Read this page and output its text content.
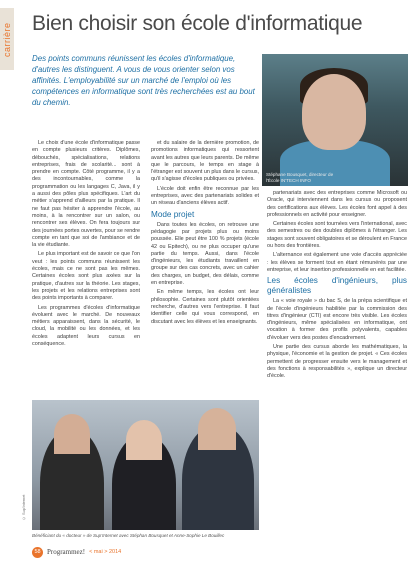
carrière Bien choisir son école d'informatique
Des points communs réunissent les écoles d'informatique, d'autres les distinguent. A vous de vous orienter selon vos affinités. L'employabilité sur un marché de l'emploi où les compétences en informatique sont très recherchées est au bout du chemin.
Stéphane Bousquet, directeur de l'École IN'TECH INFO

Le choix d'une école d'informatique passe en compte plusieurs critères. Diplômes, débouchés, spécialisations, relations entreprises, frais de scolarité... sont à prendre en compte. Côté programme, il y a des incontournables, comme la programmation ou les langages C, Java, il y a aussi des pôles plus spécifiques. L'art du métier s'apprend d'ailleurs par la pratique. Il ne faut pas hésiter à apprendre l'école, au moins, à la rencontrer sur un salon, ou rencontrer ses élèves. On fera toujours sur des journées portes ouvertes, pour se rendre compte en tant que soi de l'ambiance et de la vie étudiante.

Le plus important est de savoir ce que l'on veut : les points communs réunissent les écoles, mais ce ne sont pas les mêmes. Certaines écoles sont plus axées sur la pratique, d'autres sur la théorie. Les stages, les projets et les relations entreprises sont des points importants à comparer.

Les programmes d'écoles d'informatique évoluent avec le marché. De nouveaux métiers apparaissent, dans la sécurité, le cloud, la mobilité ou les données, et les écoles adaptent leurs cursus en conséquence.

et du salaire de la dernière promotion, de promotions informatiques qui ressortent avant les autres que leurs parents. De même que le parcours, le temps en stage à l'étranger est souvent un plus dans le cursus, qu'il s'agisse d'écoles publiques ou privées.

L'école doit enfin être reconnue par les entreprises, avec des partenariats solides et un réseau d'anciens élèves actif.

Mode projet

Dans toutes les écoles, on retrouve une pédagogie par projets plus ou moins poussée. Elle peut être 100 % projets (école 42 ou Epitech), ou ne plus occuper qu'une partie du temps. Aussi, dans l'école d'ingénieurs, les étudiants travaillent en groupe sur des cas concrets, avec un cahier des charges, un budget, des délais, comme en entreprise.

En même temps, les écoles ont leur philosophie. Certaines sont plutôt orientées recherche, d'autres vers l'entreprise. Il faut identifier celle qui vous correspond, en discutant avec les élèves et les enseignants.

partenariats avec des entreprises comme Microsoft ou Oracle, qui interviennent dans les cursus ou proposent des certifications aux élèves. Les écoles font appel à des professionnels en activité pour enseigner.

Certaines écoles sont tournées vers l'international, avec des semestres ou des doubles diplômes à l'étranger. Les stages sont souvent obligatoires et se déroulent en France ou hors des frontières.

L'alternance est également une voie d'accès appréciée : les élèves se forment tout en étant rémunérés par une entreprise, et leur insertion professionnelle en est facilitée.

Les écoles d'ingénieurs, plus généralistes

La « voie royale » du bac S, de la prépa scientifique et de l'école d'ingénieurs habilitée par la commission des titres d'ingénieur (CTI) est encore très visible. Les écoles d'ingénieurs, même spécialisées en informatique, ont vocation à former des profils polyvalents, capables d'évoluer vers des postes d'encadrement.

Une partie des cursus aborde les mathématiques, la physique, l'économie et la gestion de projet. « Ces écoles permettent de progresser ensuite vers le management et des fonctions à responsabilités », explique un directeur d'école.

© Sup'Internet
Bénéficiant du « docteur » de Sup'Internet avec Stéphan Bousquet et Anne-Sophie Le Bouillec
58 Programmez! < mai > 2014
